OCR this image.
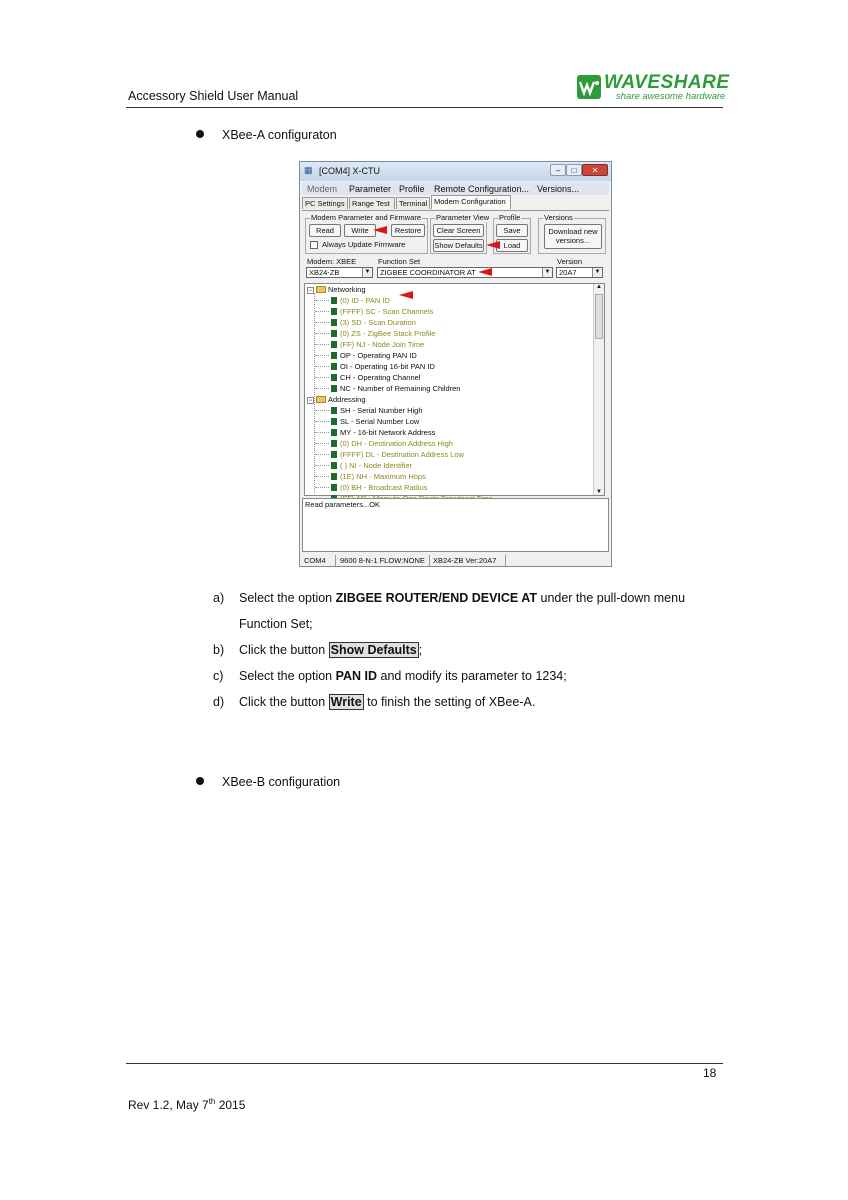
Accessory Shield User Manual
WAVESHARE
share awesome hardware
XBee-A configuraton
▦ [COM4] X-CTU	–	□	✕
Modem Parameter Profile Remote Configuration... Versions...
PC Settings Range Test	Terminal Modem Configuration
Modem Parameter and Firmware
Read	Write	Restore
Always Update Firmware
Parameter View
Clear Screen
Show Defaults
Profile
Save
Load
Versions
Download new
versions...
Modem: XBEE	Function Set	Version
XB24-ZB	▼	ZIGBEE COORDINATOR AT	▼	20A7	▼
− Networking
(0) ID - PAN ID
(FFFF) SC - Scan Channels
(3) SD - Scan Duration
(0) ZS - ZigBee Stack Profile
(FF) NJ - Node Join Time
OP - Operating PAN ID
OI - Operating 16-bit PAN ID
CH - Operating Channel
NC - Number of Remaining Children
− Addressing
SH - Serial Number High
SL - Serial Number Low
MY - 16-bit Network Address
(0) DH - Destination Address High
(FFFF) DL - Destination Address Low
( ) NI - Node Identifier
(1E) NH - Maximum Hops
(0) BH - Broadcast Radius
▲
▼
Read parameters...OK
COM4	9600 8-N-1 FLOW:NONE	XB24-ZB Ver:20A7
a) Select the option ZIBGEE ROUTER/END DEVICE AT under the pull-down menu
Function Set;
b) Click the button Show Defaults ;
c) Select the option PAN ID and modify its parameter to 1234;
d) Click the button Write to finish the setting of XBee-A.
XBee-B configuration
18
Rev 1.2, May 7th 2015
